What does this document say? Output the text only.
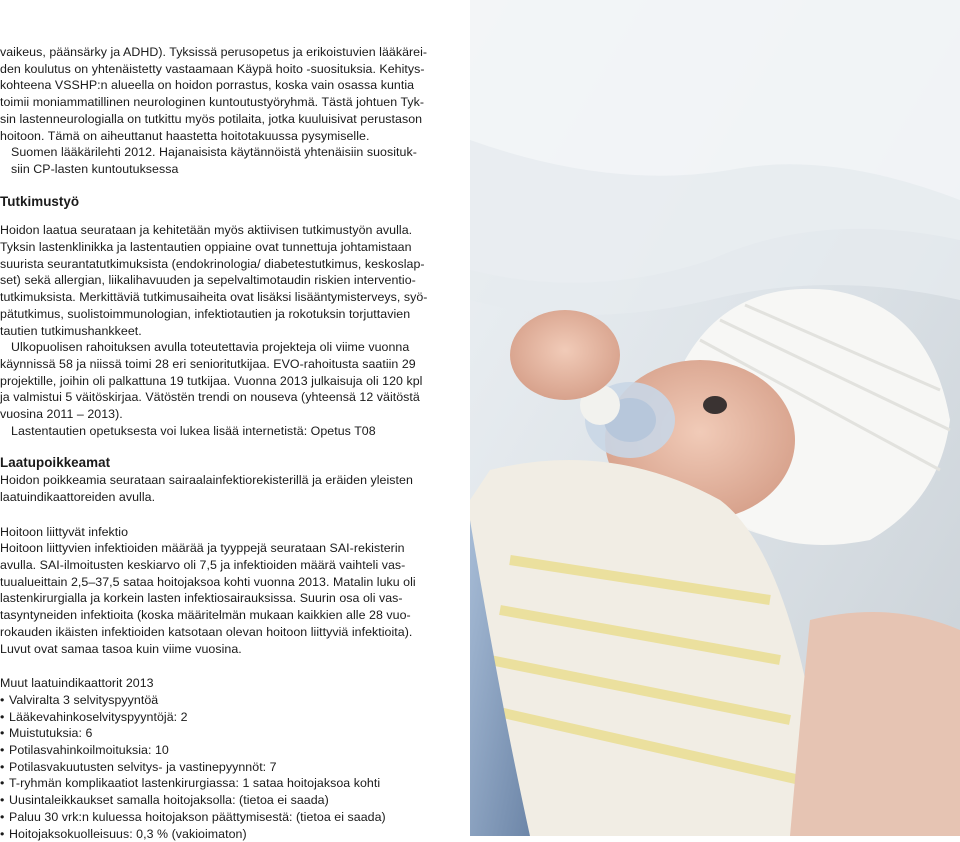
vaikeus, päänsärky ja ADHD). Tyksissä perusopetus ja erikoistuvien lääkärei-
den koulutus on yhtenäistetty vastaamaan Käypä hoito -suosituksia. Kehitys-
kohteena VSSHP:n alueella on hoidon porrastus, koska vain osassa kuntia
toimii moniammatillinen neurologinen kuntoutustyöryhmä. Tästä johtuen Tyk-
sin lastenneurologialla on tutkittu myös potilaita, jotka kuuluisivat perustason
hoitoon. Tämä on aiheuttanut haastetta hoitotakuussa pysymiselle.
Suomen lääkärilehti 2012. Hajanaisista käytännöistä yhtenäisiin suosituk-
siin CP-lasten kuntoutuksessa
Tutkimustyö
Hoidon laatua seurataan ja kehitetään myös aktiivisen tutkimustyön avulla.
Tyksin lastenklinikka ja lastentautien oppiaine ovat tunnettuja johtamistaan
suurista seurantatutkimuksista (endokrinologia/ diabetestutkimus, keskoslap-
set) sekä allergian, liikalihavuuden ja sepelvaltimotaudin riskien interventio-
tutkimuksista. Merkittäviä tutkimusaiheita ovat lisäksi lisääntymisterveys, syö-
pätutkimus, suolistoimmunologian, infektiotautien ja rokotuksin torjuttavien
tautien tutkimushankkeet.
Ulkopuolisen rahoituksen avulla toteutettavia projekteja oli viime vuonna
käynnissä 58 ja niissä toimi 28 eri senioritutkijaa. EVO-rahoitusta saatiin 29
projektille, joihin oli palkattuna 19 tutkijaa. Vuonna 2013 julkaisuja oli 120 kpl
ja valmistui 5 väitöskirjaa. Vätöstën trendi on nouseva (yhteensä 12 väitöstä
vuosina 2011 – 2013).
Lastentautien opetuksesta voi lukea lisää internetistä: Opetus T08
Laatupoikkeamat
Hoidon poikkeamia seurataan sairaalainfektiorekisterillä ja eräiden yleisten
laatuindikaattoreiden avulla.
Hoitoon liittyvät infektio
Hoitoon liittyvien infektioiden määrää ja tyyppejä seurataan SAI-rekisterin
avulla. SAI-ilmoitusten keskiarvo oli 7,5 ja infektioiden määrä vaihteli vas-
tuualueittain 2,5–37,5 sataa hoitojaksoa kohti vuonna 2013. Matalin luku oli
lastenkirurgialla ja korkein lasten infektiosairauksissa. Suurin osa oli vas-
tasyntyneiden infektioita (koska määritelmän mukaan kaikkien alle 28 vuo-
rokauden ikäisten infektioiden katsotaan olevan hoitoon liittyviä infektioita).
Luvut ovat samaa tasoa kuin viime vuosina.
Muut laatuindikaattorit 2013
• Valviralta 3 selvityspyyntöä
• Lääkevahinkoselvityspyyntöjä: 2
• Muistutuksia: 6
• Potilasvahinkoilmoituksia: 10
• Potilasvakuutusten selvitys- ja vastinepyynnöt: 7
• T-ryhmän komplikaatiot lastenkirurgiassa: 1 sataa hoitojaksoa kohti
• Uusintaleikkaukset samalla hoitojaksolla: (tietoa ei saada)
• Paluu 30 vrk:n kuluessa hoitojakson päättymisestä: (tietoa ei saada)
• Hoitojaksokuolleisuus: 0,3 % (vakioimaton)
